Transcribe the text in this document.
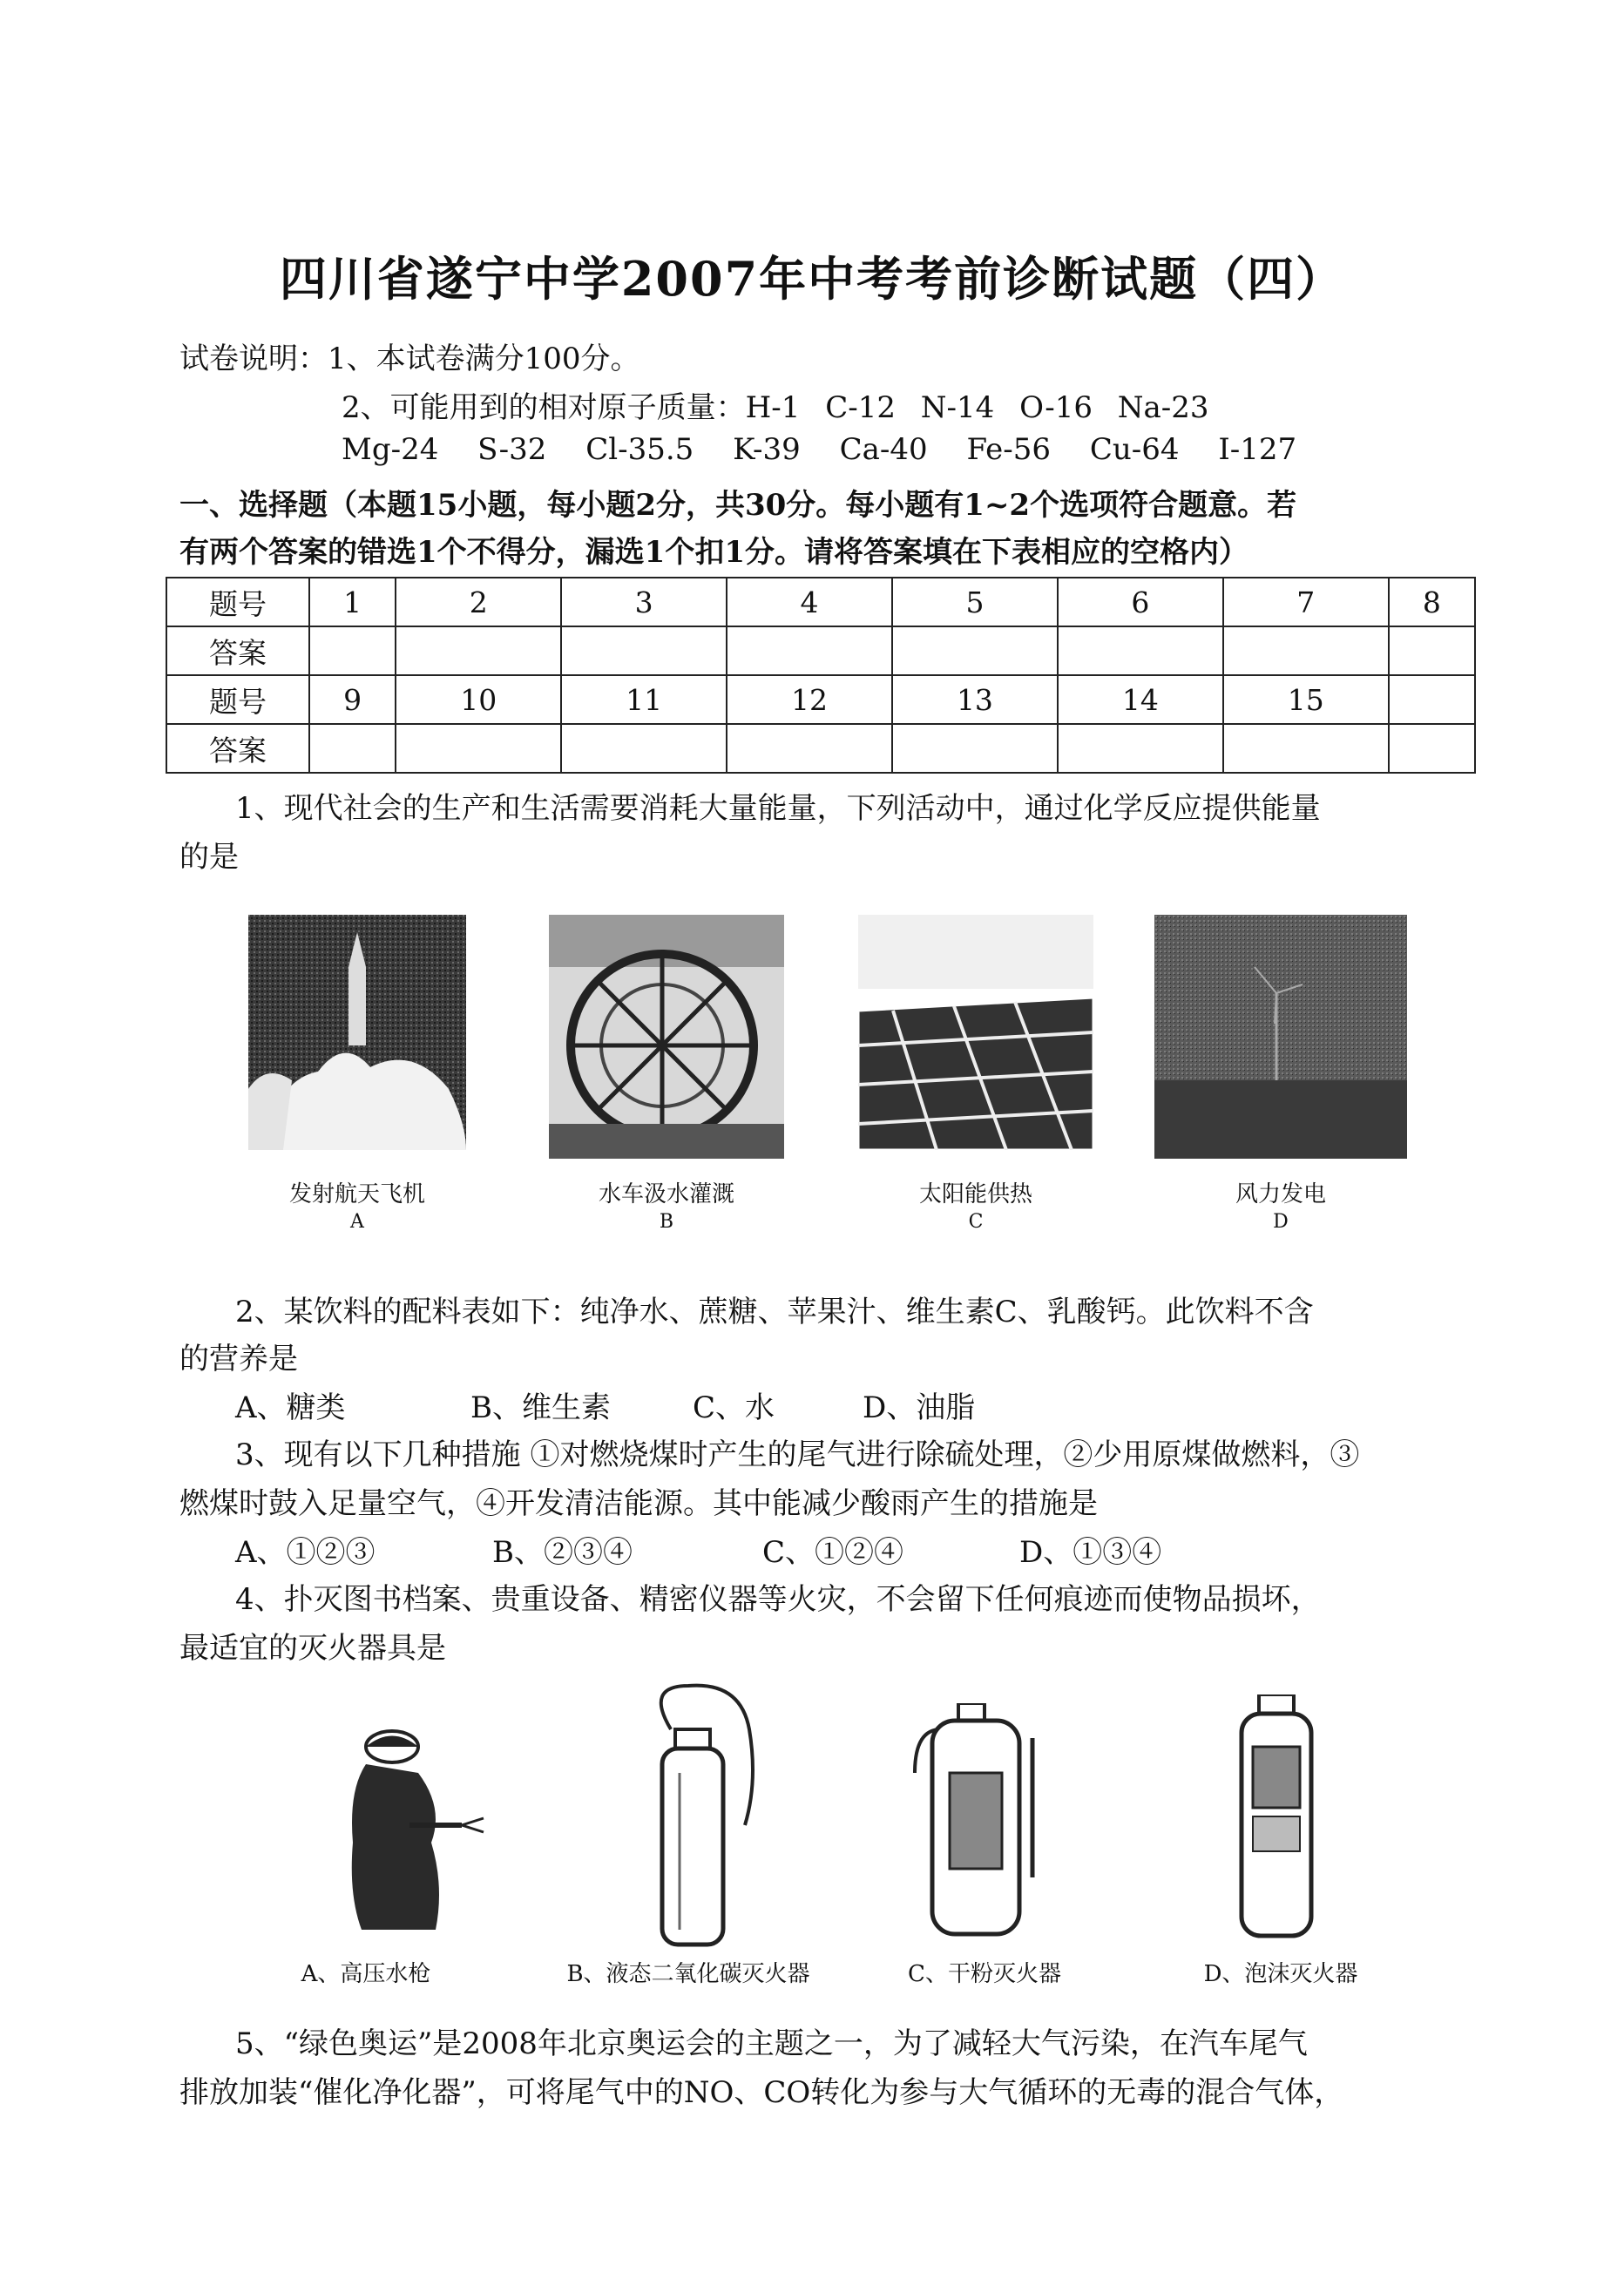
四川省遂宁中学2007年中考考前诊断试题（四）
试卷说明：1、本试卷满分100分。
2、可能用到的相对原子质量：H-1 C-12 N-14 O-16 Na-23
Mg-24 S-32 Cl-35.5 K-39 Ca-40 Fe-56 Cu-64 I-127
一、选择题（本题15小题，每小题2分，共30分。每小题有1~2个选项符合题意。若
有两个答案的错选1个不得分，漏选1个扣1分。请将答案填在下表相应的空格内）
题号	1	2	3	4	5	6	7	8
答案								
题号	9	10	11	12	13	14	15	
答案								
1、现代社会的生产和生活需要消耗大量能量，下列活动中，通过化学反应提供能量
的是
发射航天飞机
A
水车汲水灌溉
B
太阳能供热
C
风力发电
D
2、某饮料的配料表如下：纯净水、蔗糖、苹果汁、维生素C、乳酸钙。此饮料不含
的营养是
A、糖类	B、维生素	C、水	D、油脂
3、现有以下几种措施 ①对燃烧煤时产生的尾气进行除硫处理，②少用原煤做燃料，③
燃煤时鼓入足量空气，④开发清洁能源。其中能减少酸雨产生的措施是
A、①②③	B、②③④	C、①②④	D、①③④
4、扑灭图书档案、贵重设备、精密仪器等火灾，不会留下任何痕迹而使物品损坏，
最适宜的灭火器具是
A、高压水枪	B、液态二氧化碳灭火器	C、干粉灭火器	D、泡沫灭火器
5、“绿色奥运”是2008年北京奥运会的主题之一，为了减轻大气污染，在汽车尾气
排放加装“催化净化器”，可将尾气中的NO、CO转化为参与大气循环的无毒的混合气体，
